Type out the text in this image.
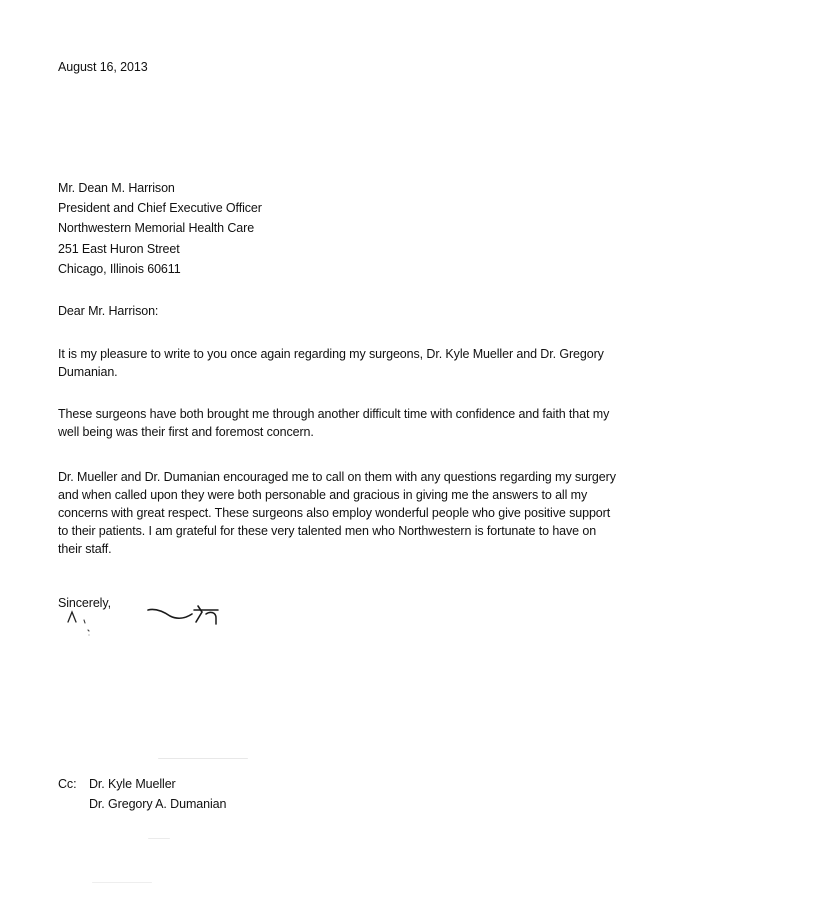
August 16, 2013
Mr. Dean M. Harrison
President and Chief Executive Officer
Northwestern Memorial Health Care
251 East Huron Street
Chicago, Illinois 60611
Dear Mr. Harrison:
It is my pleasure to write to you once again regarding my surgeons, Dr. Kyle Mueller and Dr. Gregory
Dumanian.
These surgeons have both brought me through another difficult time with confidence and faith that my
well being was their first and foremost concern.
Dr. Mueller and Dr. Dumanian encouraged me to call on them with any questions regarding my surgery
and when called upon they were both personable and gracious in giving me the answers to all my
concerns with great respect. These surgeons also employ wonderful people who give positive support
to their patients. I am grateful for these very talented men who Northwestern is fortunate to have on
their staff.
Sincerely,
Cc: Dr. Kyle Mueller
Dr. Gregory A. Dumanian
